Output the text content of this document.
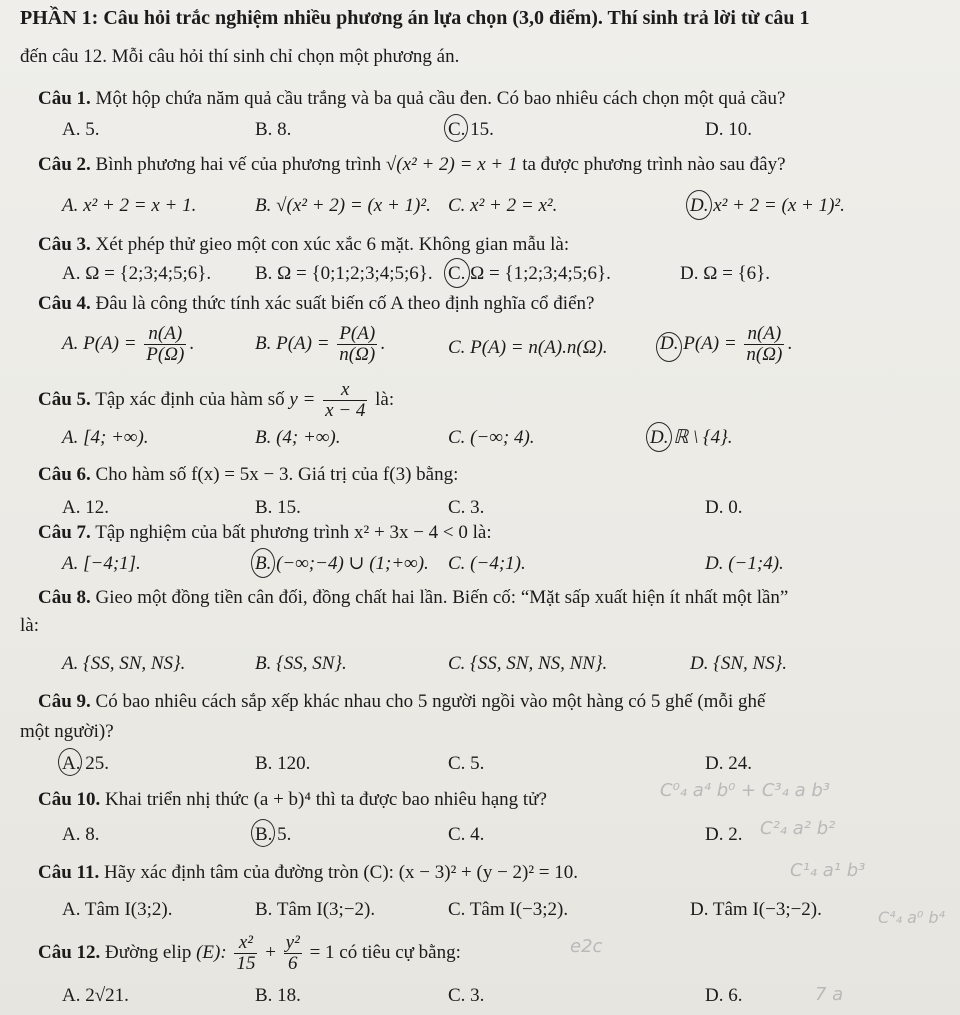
PHẦN 1: Câu hỏi trắc nghiệm nhiều phương án lựa chọn (3,0 điểm). Thí sinh trả lời từ câu 1
đến câu 12. Mỗi câu hỏi thí sinh chỉ chọn một phương án.
Câu 1. Một hộp chứa năm quả cầu trắng và ba quả cầu đen. Có bao nhiêu cách chọn một quả cầu?
A. 5.	B. 8.	C. 15.	D. 10.
Câu 2. Bình phương hai vế của phương trình √(x² + 2) = x + 1 ta được phương trình nào sau đây?
A. x² + 2 = x + 1.	B. √(x² + 2) = (x + 1)². C. x² + 2 = x².	D. x² + 2 = (x + 1)².
Câu 3. Xét phép thử gieo một con xúc xắc 6 mặt. Không gian mẫu là:
A. Ω = {2;3;4;5;6}. B. Ω = {0;1;2;3;4;5;6}. C. Ω = {1;2;3;4;5;6}.	D. Ω = {6}.
Câu 4. Đâu là công thức tính xác suất biến cố A theo định nghĩa cổ điển?
A. $P(A) = \frac{n(A)}{P(\Omega)}$ .	B. $P(A) = \frac{P(A)}{n(\Omega)}$ .	C. P(A) = n(A).n(Ω).	D. $P(A) = \frac{n(A)}{n(\Omega)}$ .
Câu 5. Tập xác định của hàm số $y = \frac{x}{x - 4}$ là:
A. [4; +∞).	B. (4; +∞).	C. (−∞; 4).	D. ℝ \ {4}.
Câu 6. Cho hàm số f(x) = 5x − 3. Giá trị của f(3) bằng:
A. 12.	B. 15.	C. 3.	D. 0.
Câu 7. Tập nghiệm của bất phương trình x² + 3x − 4 < 0 là:
A. [−4;1].	B. (−∞;−4) ∪ (1;+∞). C. (−4;1).	D. (−1;4).
Câu 8. Gieo một đồng tiền cân đối, đồng chất hai lần. Biến cố: “Mặt sấp xuất hiện ít nhất một lần”
là:
A. {SS, SN, NS}.	B. {SS, SN}.	C. {SS, SN, NS, NN}.	D. {SN, NS}.
Câu 9. Có bao nhiêu cách sắp xếp khác nhau cho 5 người ngồi vào một hàng có 5 ghế (mỗi ghế
một người)?
A. 25.	B. 120.	C. 5.	D. 24.
Câu 10. Khai triển nhị thức (a + b)⁴ thì ta được bao nhiêu hạng tử?
A. 8.	B. 5.	C. 4.	D. 2.
Câu 11. Hãy xác định tâm của đường tròn (C): (x − 3)² + (y − 2)² = 10.
A. Tâm I(3;2).	B. Tâm I(3;−2).	C. Tâm I(−3;2).	D. Tâm I(−3;−2).
Câu 12. Đường elip (E): $\frac{\text{x²}}{15} + \frac{\text{y²}}{6} = 1$ có tiêu cự bằng:
A. 2√21.	B. 18.	C. 3.	D. 6.
C⁰₄ a⁴ b⁰ + C³₄ a b³
C²₄ a² b²
C¹₄ a¹ b³
C⁴₄ a⁰ b⁴
e2c
7 a
